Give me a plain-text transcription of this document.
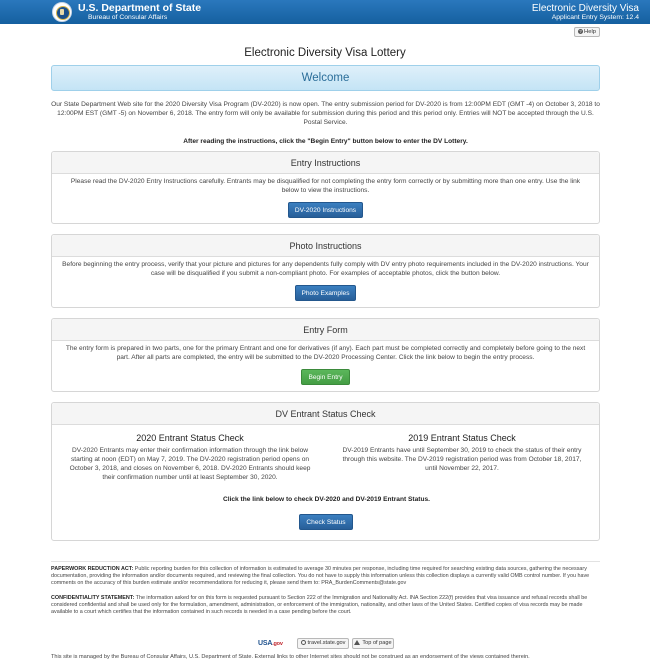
U.S. Department of State
Bureau of Consular Affairs
Electronic Diversity Visa
Applicant Entry System: 12.4
? Help
Electronic Diversity Visa Lottery
Welcome
Our State Department Web site for the 2020 Diversity Visa Program (DV-2020) is now open. The entry submission period for DV-2020 is from 12:00PM EDT (GMT -4) on October 3, 2018 to 12:00PM EST (GMT -5) on November 6, 2018. The entry form will only be available for submission during this period and this period only. Entries will NOT be accepted through the U.S. Postal Service.
After reading the instructions, click the "Begin Entry" button below to enter the DV Lottery.
Entry Instructions
Please read the DV-2020 Entry Instructions carefully. Entrants may be disqualified for not completing the entry form correctly or by submitting more than one entry. Use the link below to view the instructions.
DV-2020 Instructions
Photo Instructions
Before beginning the entry process, verify that your picture and pictures for any dependents fully comply with DV entry photo requirements included in the DV-2020 instructions. Your case will be disqualified if you submit a non-compliant photo. For examples of acceptable photos, click the button below.
Photo Examples
Entry Form
The entry form is prepared in two parts, one for the primary Entrant and one for derivatives (if any). Each part must be completed correctly and completely before going to the next part. After all parts are completed, the entry will be submitted to the DV-2020 Processing Center. Click the link below to begin the entry process.
Begin Entry
DV Entrant Status Check
2020 Entrant Status Check
DV-2020 Entrants may enter their confirmation information through the link below starting at noon (EDT) on May 7, 2019. The DV-2020 registration period opens on October 3, 2018, and closes on November 6, 2018. DV-2020 Entrants should keep their confirmation number until at least September 30, 2020.
2019 Entrant Status Check
DV-2019 Entrants have until September 30, 2019 to check the status of their entry through this website. The DV-2019 registration period was from October 18, 2017, until November 22, 2017.
Click the link below to check DV-2020 and DV-2019 Entrant Status.
Check Status
PAPERWORK REDUCTION ACT: Public reporting burden for this collection of information is estimated to average 30 minutes per response, including time required for searching existing data sources, gathering the necessary documentation, providing the information and/or documents required, and reviewing the final collection. You do not have to supply this information unless this collection displays a currently valid OMB control number. If you have comments on the accuracy of this burden estimate and/or recommendations for reducing it, please send them to: PRA_BurdenComments@state.gov
CONFIDENTIALITY STATEMENT: The information asked for on this form is requested pursuant to Section 222 of the Immigration and Nationality Act. INA Section 222(f) provides that visa issuance and refusal records shall be considered confidential and shall be used only for the formulation, amendment, administration, or enforcement of the immigration, nationality, and other laws of the United States. Certified copies of visa records may be made available to a court which certifies that the information contained in such records is needed in a case pending before the court.
USA.gov	travel.state.gov	Top of page
This site is managed by the Bureau of Consular Affairs, U.S. Department of State. External links to other Internet sites should not be construed as an endorsement of the views contained therein.
